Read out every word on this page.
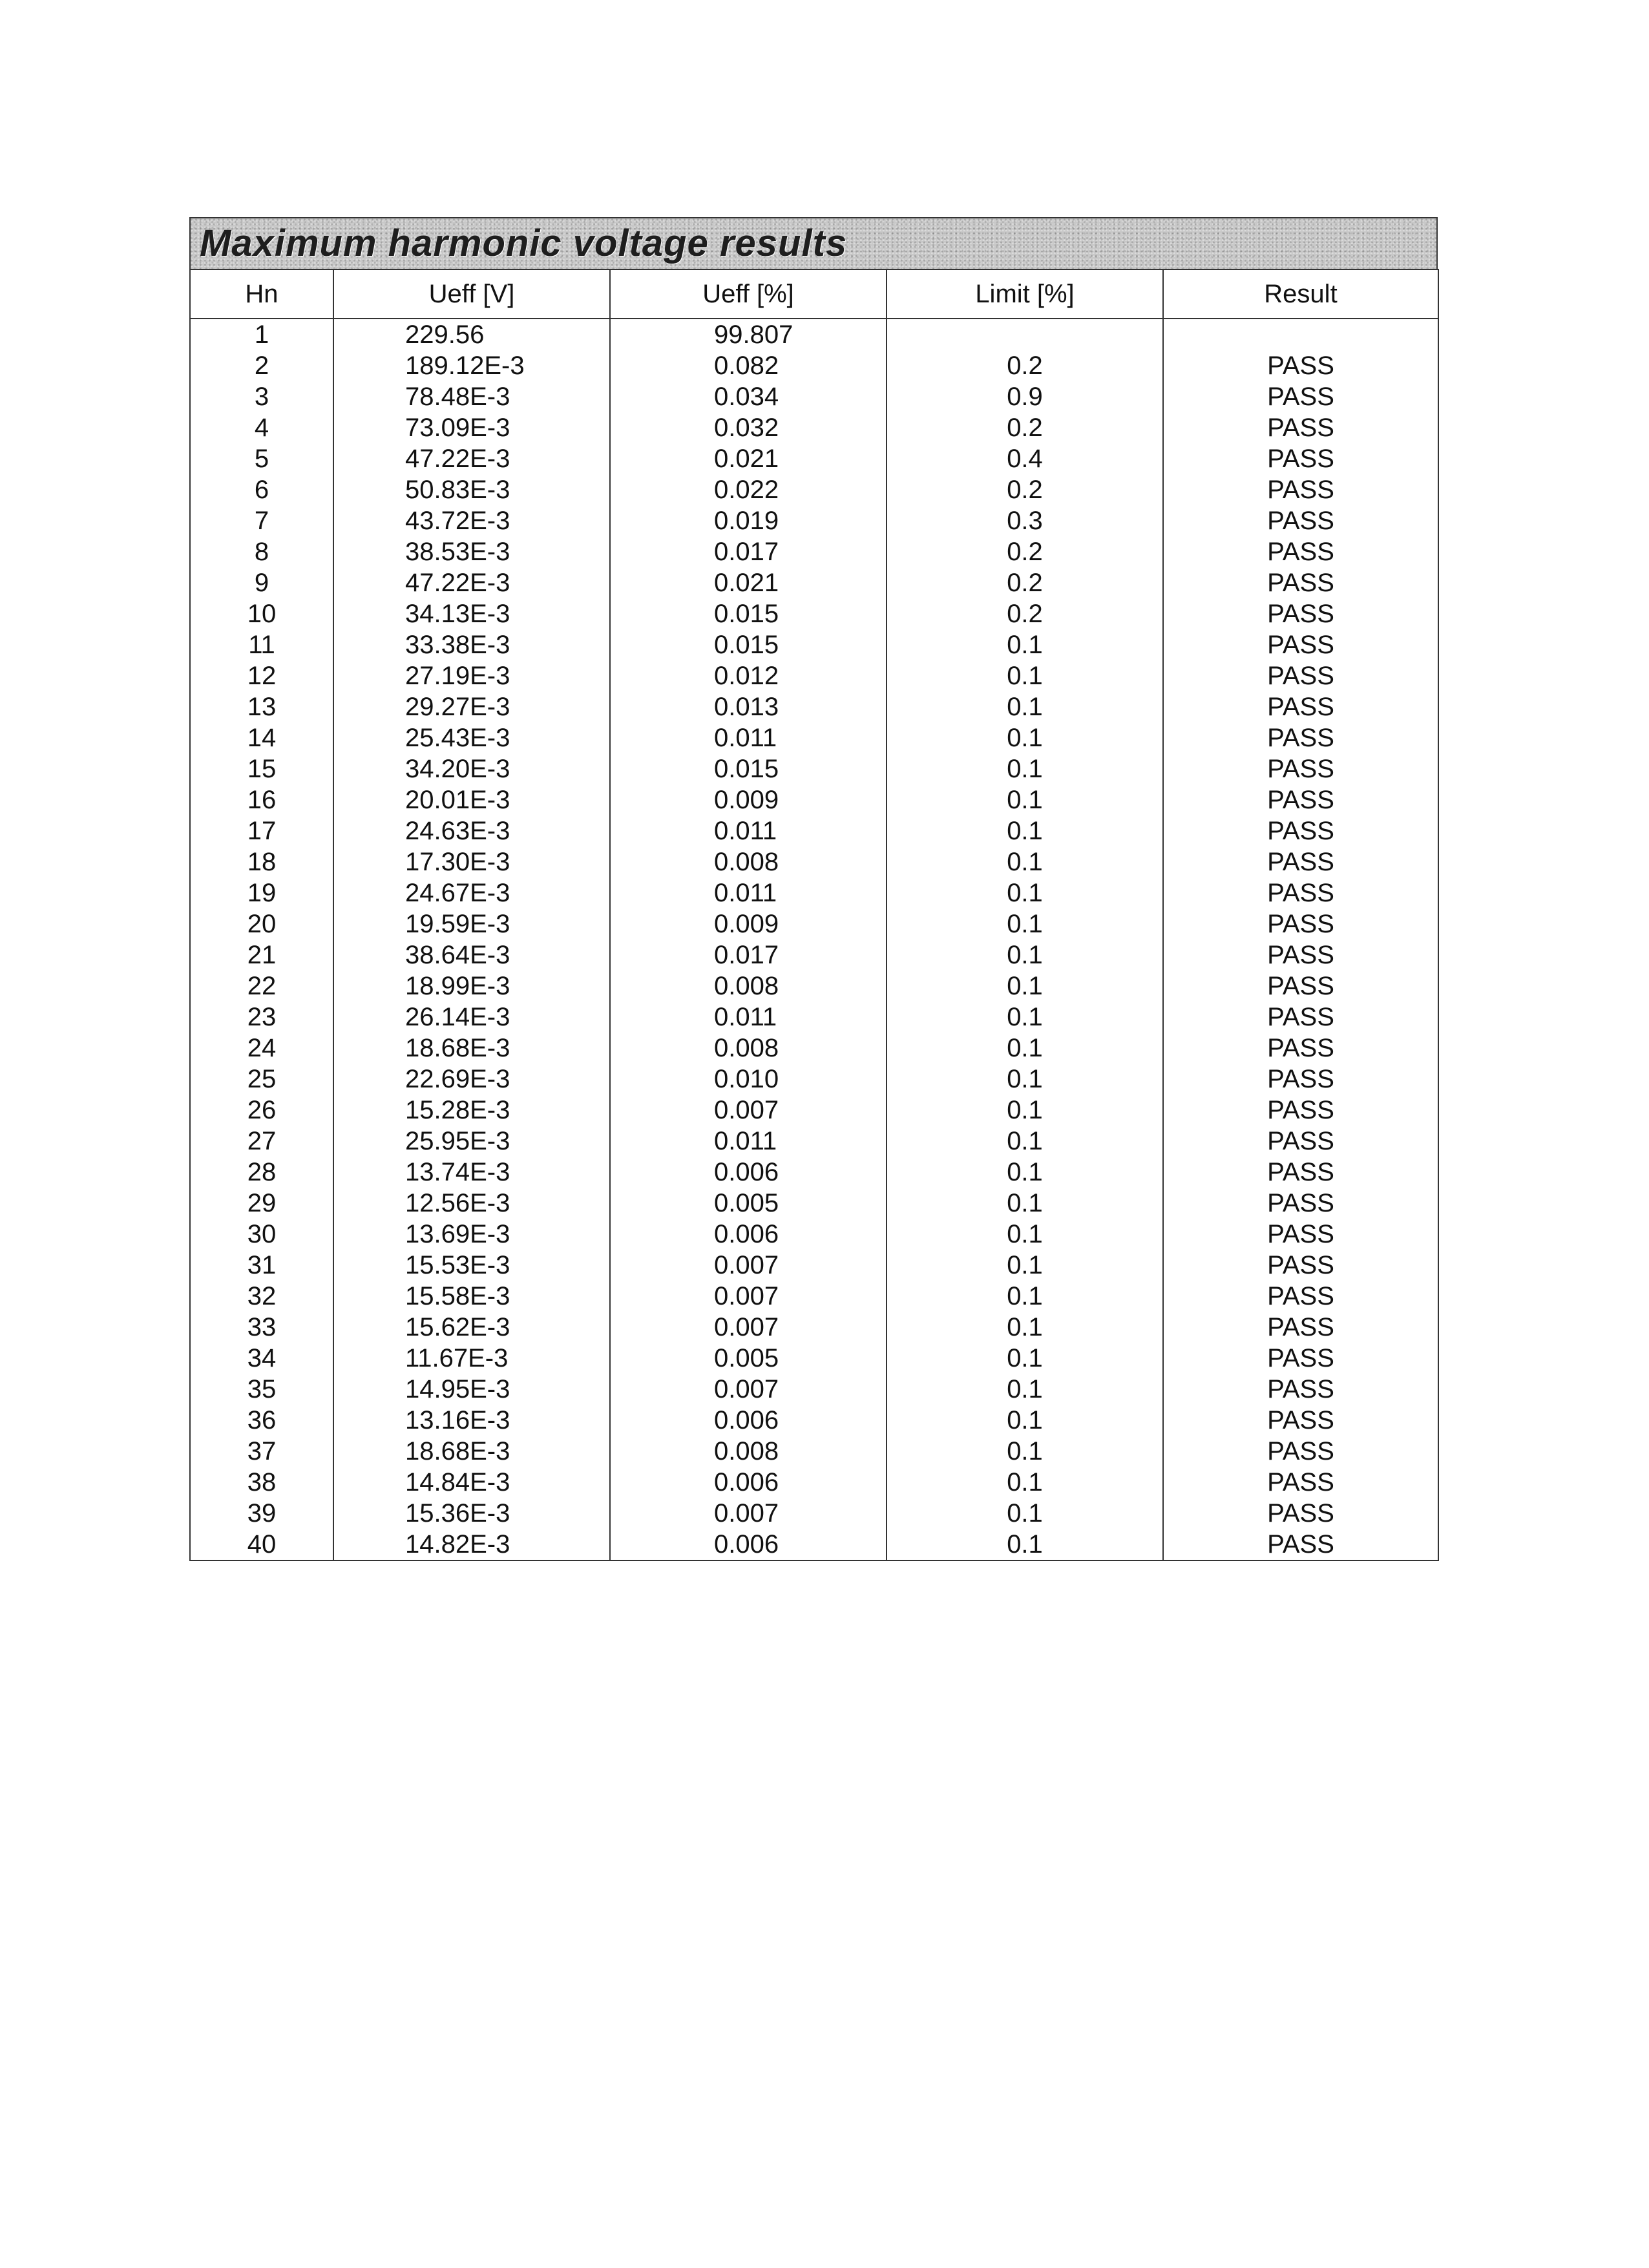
Maximum harmonic voltage results
Hn	Ueff [V]	Ueff [%]	Limit [%]	Result
1	229.56	99.807		
2	189.12E-3	0.082	0.2	PASS
3	78.48E-3	0.034	0.9	PASS
4	73.09E-3	0.032	0.2	PASS
5	47.22E-3	0.021	0.4	PASS
6	50.83E-3	0.022	0.2	PASS
7	43.72E-3	0.019	0.3	PASS
8	38.53E-3	0.017	0.2	PASS
9	47.22E-3	0.021	0.2	PASS
10	34.13E-3	0.015	0.2	PASS
11	33.38E-3	0.015	0.1	PASS
12	27.19E-3	0.012	0.1	PASS
13	29.27E-3	0.013	0.1	PASS
14	25.43E-3	0.011	0.1	PASS
15	34.20E-3	0.015	0.1	PASS
16	20.01E-3	0.009	0.1	PASS
17	24.63E-3	0.011	0.1	PASS
18	17.30E-3	0.008	0.1	PASS
19	24.67E-3	0.011	0.1	PASS
20	19.59E-3	0.009	0.1	PASS
21	38.64E-3	0.017	0.1	PASS
22	18.99E-3	0.008	0.1	PASS
23	26.14E-3	0.011	0.1	PASS
24	18.68E-3	0.008	0.1	PASS
25	22.69E-3	0.010	0.1	PASS
26	15.28E-3	0.007	0.1	PASS
27	25.95E-3	0.011	0.1	PASS
28	13.74E-3	0.006	0.1	PASS
29	12.56E-3	0.005	0.1	PASS
30	13.69E-3	0.006	0.1	PASS
31	15.53E-3	0.007	0.1	PASS
32	15.58E-3	0.007	0.1	PASS
33	15.62E-3	0.007	0.1	PASS
34	11.67E-3	0.005	0.1	PASS
35	14.95E-3	0.007	0.1	PASS
36	13.16E-3	0.006	0.1	PASS
37	18.68E-3	0.008	0.1	PASS
38	14.84E-3	0.006	0.1	PASS
39	15.36E-3	0.007	0.1	PASS
40	14.82E-3	0.006	0.1	PASS
